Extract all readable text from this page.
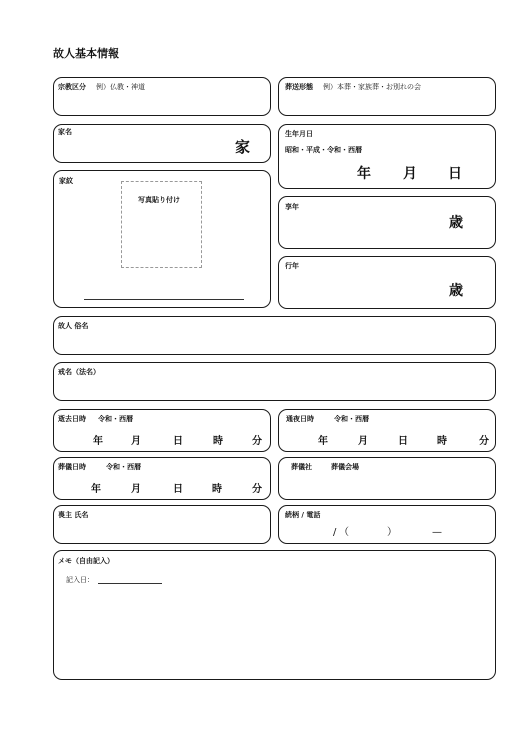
故人基本情報
宗教区分 例）仏教・神道	葬送形態 例）本葬・家族葬・お別れの会
家名
家
生年月日
昭和・平成・令和・西暦
年 月 日
家紋
写真貼り付け
享年
歳
行年
歳
故人 俗名
戒名（法名）
逝去日時 令和・西暦
年	月	日	時	分
通夜日時	令和・西暦
年	月	日	時	分
葬儀日時	令和・西暦
年	月	日	時	分
葬儀社	葬儀会場
喪主 氏名	続柄 / 電話
/ （	）	—
メモ（自由記入）
記入日：
